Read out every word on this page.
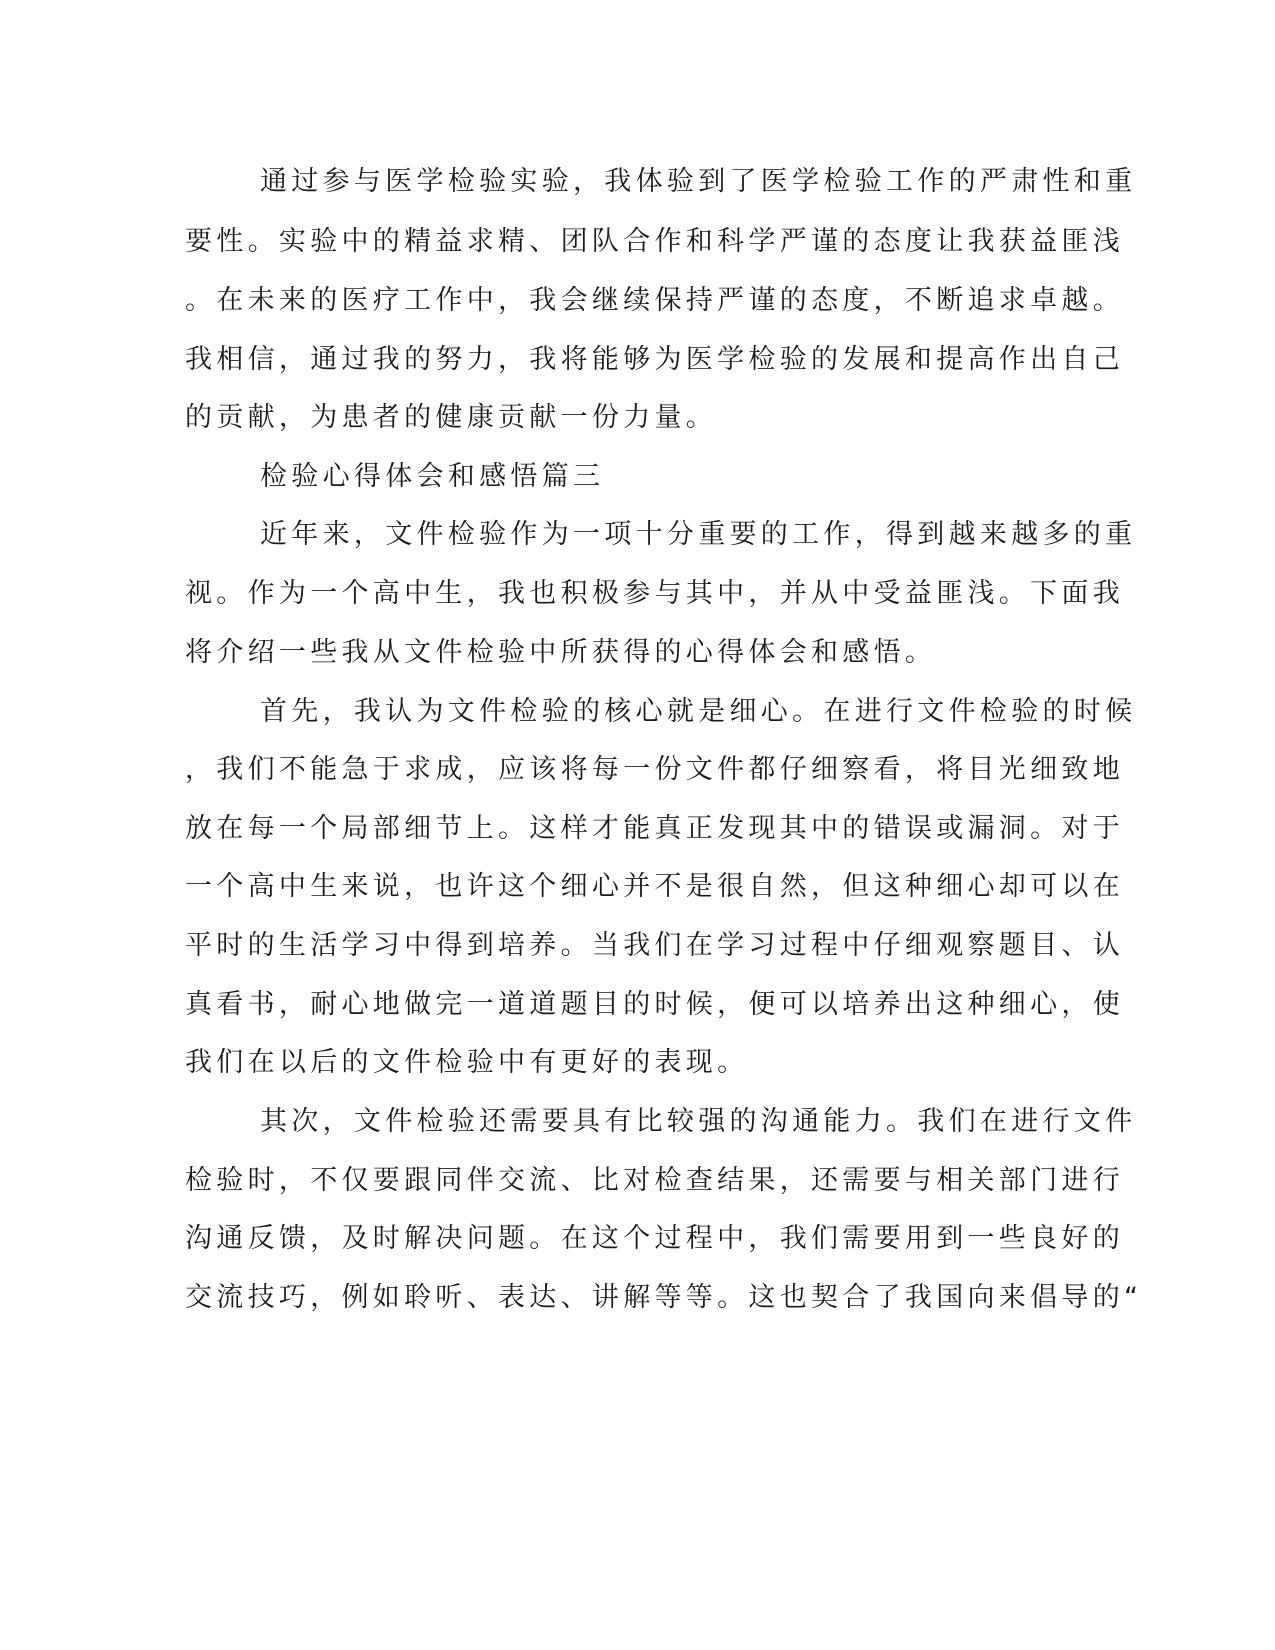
通过参与医学检验实验，我体验到了医学检验工作的严肃性和重
要性。实验中的精益求精、团队合作和科学严谨的态度让我获益匪浅
。在未来的医疗工作中，我会继续保持严谨的态度，不断追求卓越。
我相信，通过我的努力，我将能够为医学检验的发展和提高作出自己
的贡献，为患者的健康贡献一份力量。
检验心得体会和感悟篇三
近年来，文件检验作为一项十分重要的工作，得到越来越多的重
视。作为一个高中生，我也积极参与其中，并从中受益匪浅。下面我
将介绍一些我从文件检验中所获得的心得体会和感悟。
首先，我认为文件检验的核心就是细心。在进行文件检验的时候
，我们不能急于求成，应该将每一份文件都仔细察看，将目光细致地
放在每一个局部细节上。这样才能真正发现其中的错误或漏洞。对于
一个高中生来说，也许这个细心并不是很自然，但这种细心却可以在
平时的生活学习中得到培养。当我们在学习过程中仔细观察题目、认
真看书，耐心地做完一道道题目的时候，便可以培养出这种细心，使
我们在以后的文件检验中有更好的表现。
其次，文件检验还需要具有比较强的沟通能力。我们在进行文件
检验时，不仅要跟同伴交流、比对检查结果，还需要与相关部门进行
沟通反馈，及时解决问题。在这个过程中，我们需要用到一些良好的
交流技巧，例如聆听、表达、讲解等等。这也契合了我国向来倡导的“
